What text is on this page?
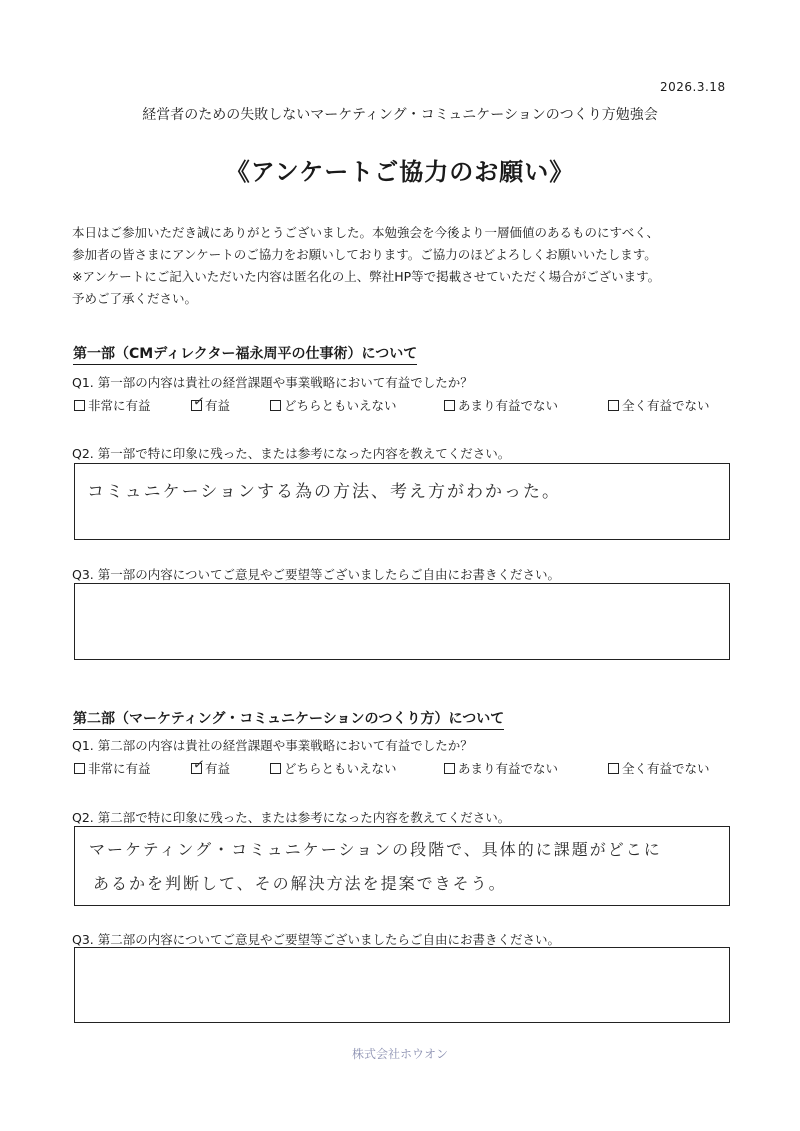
2026.3.18
経営者のための失敗しないマーケティング・コミュニケーションのつくり方勉強会
《アンケートご協力のお願い》

本日はご参加いただき誠にありがとうございました。本勉強会を今後より一層価値のあるものにすべく、

参加者の皆さまにアンケートのご協力をお願いしております。ご協力のほどよろしくお願いいたします。

※アンケートにご記入いただいた内容は匿名化の上、弊社HP等で掲載させていただく場合がございます。

予めご了承ください。

第一部（CMディレクター福永周平の仕事術）について
Q1. 第一部の内容は貴社の経営課題や事業戦略において有益でしたか？
非常に有益	✓ 有益	どちらともいえない	あまり有益でない	全く有益でない
Q2. 第一部で特に印象に残った、または参考になった内容を教えてください。
コミュニケーションする為の方法、考え方がわかった。
Q3. 第一部の内容についてご意見やご要望等ございましたらご自由にお書きください。
第二部（マーケティング・コミュニケーションのつくり方）について
Q1. 第二部の内容は貴社の経営課題や事業戦略において有益でしたか？
非常に有益	✓ 有益	どちらともいえない	あまり有益でない	全く有益でない
Q2. 第二部で特に印象に残った、または参考になった内容を教えてください。
マーケティング・コミュニケーションの段階で、具体的に課題がどこに
あるかを判断して、その解決方法を提案できそう。
Q3. 第二部の内容についてご意見やご要望等ございましたらご自由にお書きください。
株式会社ホウオン
